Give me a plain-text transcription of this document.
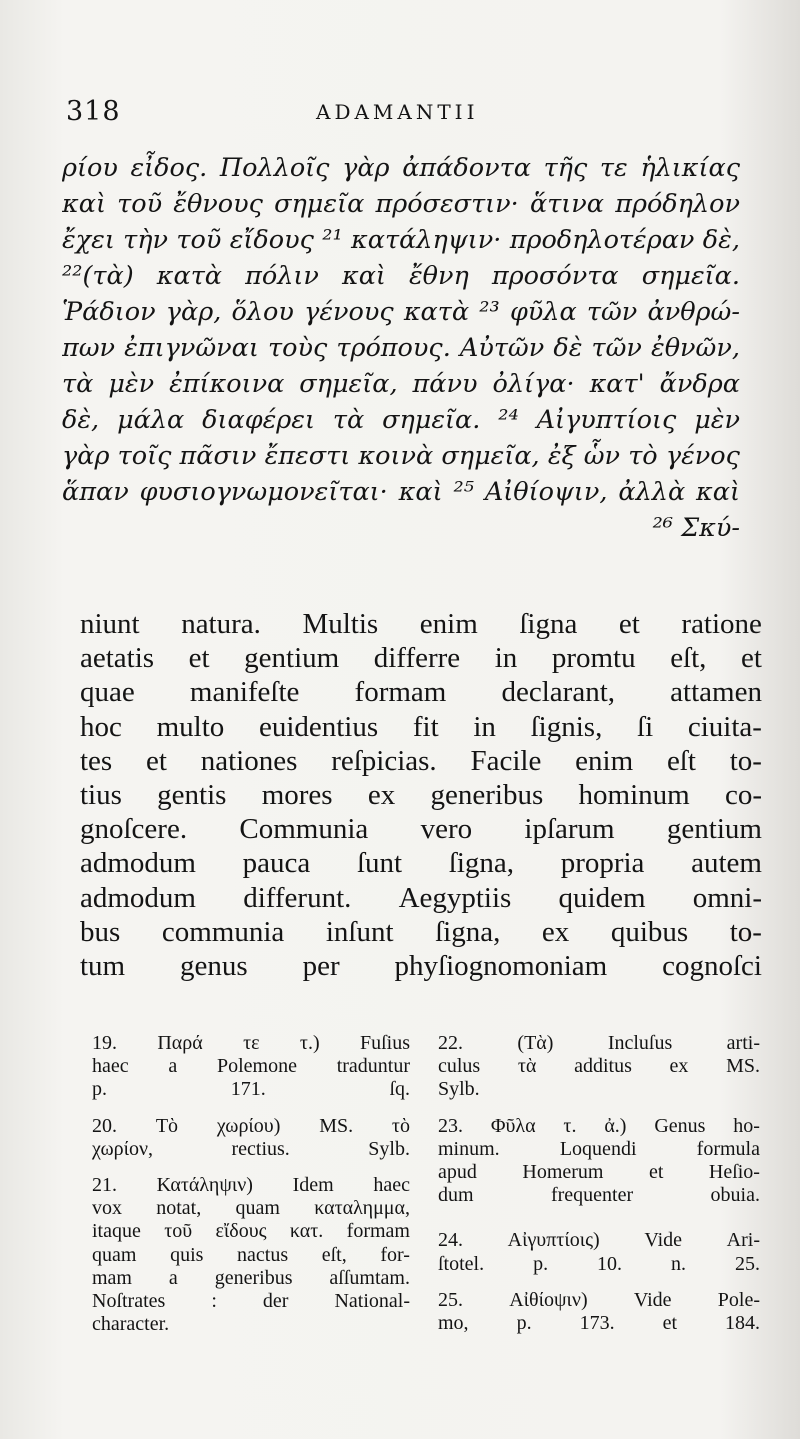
318	ADAMANTII
ρίου εἶδος. Πολλοῖς γὰρ ἀπάδοντα τῆς τε ἡλικίας
καὶ τοῦ ἔθνους σημεῖα πρόσεστιν· ἅτινα πρόδηλον
ἔχει τὴν τοῦ εἴδους ²¹ κατάληψιν· προδηλοτέραν δὲ,
²²(τὰ) κατὰ πόλιν καὶ ἔθνη προσόντα σημεῖα.
Ῥάδιον γὰρ, ὅλου γένους κατὰ ²³ φῦλα τῶν ἀνθρώ-
πων ἐπιγνῶναι τοὺς τρόπους. Αὐτῶν δὲ τῶν ἐθνῶν,
τὰ μὲν ἐπίκοινα σημεῖα, πάνυ ὀλίγα· κατ' ἄνδρα
δὲ, μάλα διαφέρει τὰ σημεῖα. ²⁴ Αἰγυπτίοις μὲν
γὰρ τοῖς πᾶσιν ἔπεστι κοινὰ σημεῖα, ἐξ ὧν τὸ γένος
ἅπαν φυσιογνωμονεῖται· καὶ ²⁵ Αἰθίοψιν, ἀλλὰ καὶ
²⁶ Σκύ-
niunt natura. Multis enim ſigna et ratione
aetatis et gentium differre in promtu eſt, et
quae manifeſte formam declarant, attamen
hoc multo euidentius fit in ſignis, ſi ciuita-
tes et nationes reſpicias. Facile enim eſt to-
tius gentis mores ex generibus hominum co-
gnoſcere. Communia vero ipſarum gentium
admodum pauca ſunt ſigna, propria autem
admodum differunt. Aegyptiis quidem omni-
bus communia inſunt ſigna, ex quibus to-
tum genus per phyſiognomoniam cognoſci
19. Παρά τε τ.) Fuſius
haec a Polemone traduntur
p.	171.	ſq.
20. Τὸ χωρίου) MS. τὸ
χωρίον,	rectius.	Sylb.
21. Κατάληψιν) Idem haec
vox notat, quam καταλημμα,
itaque τοῦ εἴδους κατ. formam
quam quis nactus eſt, for-
mam a generibus aſſumtam.
Noſtrates : der National-
character.
22.	(Τὰ)	Incluſus	arti-
culus τὰ additus ex MS.
Sylb.
23. Φῦλα τ. ἀ.) Genus ho-
minum.	Loquendi	formula
apud Homerum et Heſio-
dum	frequenter	obuia.
24. Αἰγυπτίοις) Vide Ari-
ſtotel. p. 10. n. 25.
25. Αἰθίοψιν) Vide Pole-
mo, p. 173. et 184.
